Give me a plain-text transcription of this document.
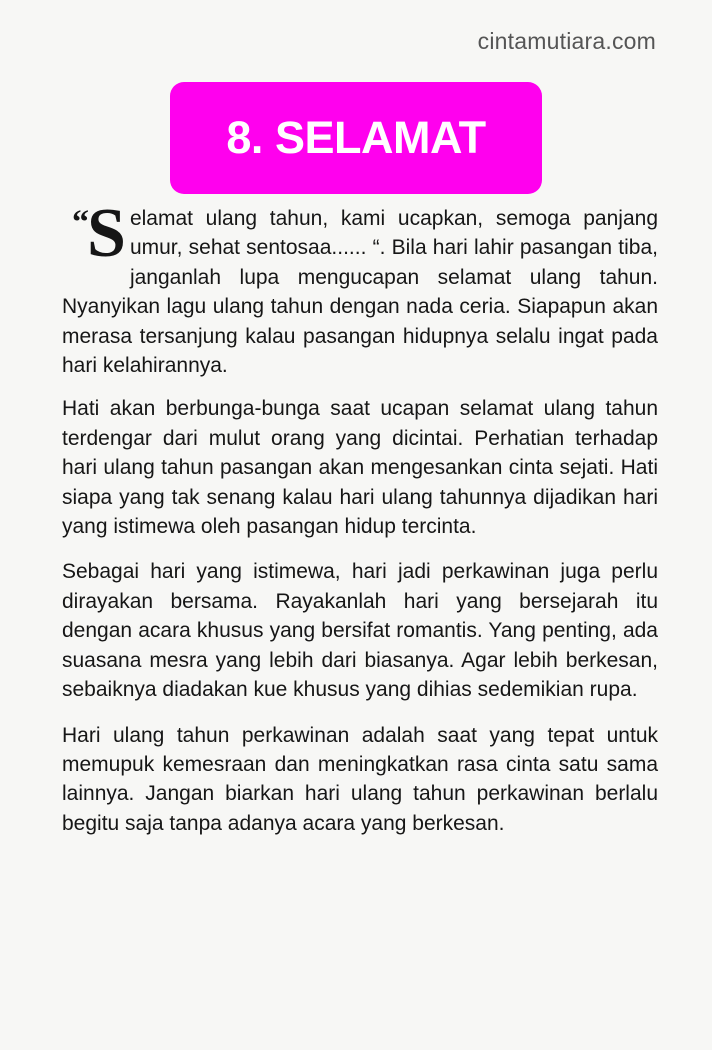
cintamutiara.com
8. SELAMAT

“
S elamat ulang tahun, kami ucapkan, semoga panjang umur, sehat sentosaa...... “. Bila hari lahir pasangan tiba, janganlah lupa mengucapan selamat ulang tahun. Nyanyikan lagu ulang tahun dengan nada ceria. Siapapun akan merasa tersanjung kalau pasangan hidupnya selalu ingat pada hari kelahirannya.

Hati akan berbunga-bunga saat ucapan selamat ulang tahun terdengar dari mulut orang yang dicintai. Perhatian terhadap hari ulang tahun pasangan akan mengesankan cinta sejati. Hati siapa yang tak senang kalau hari ulang tahunnya dijadikan hari yang istimewa oleh pasangan hidup tercinta.

Sebagai hari yang istimewa, hari jadi perkawinan juga perlu dirayakan bersama. Rayakanlah hari yang bersejarah itu dengan acara khusus yang bersifat romantis. Yang penting, ada suasana mesra yang lebih dari biasanya. Agar lebih berkesan, sebaiknya diadakan kue khusus yang dihias sedemikian rupa.

Hari ulang tahun perkawinan adalah saat yang tepat untuk memupuk kemesraan dan meningkatkan rasa cinta satu sama lainnya. Jangan biarkan hari ulang tahun perkawinan berlalu begitu saja tanpa adanya acara yang berkesan.
